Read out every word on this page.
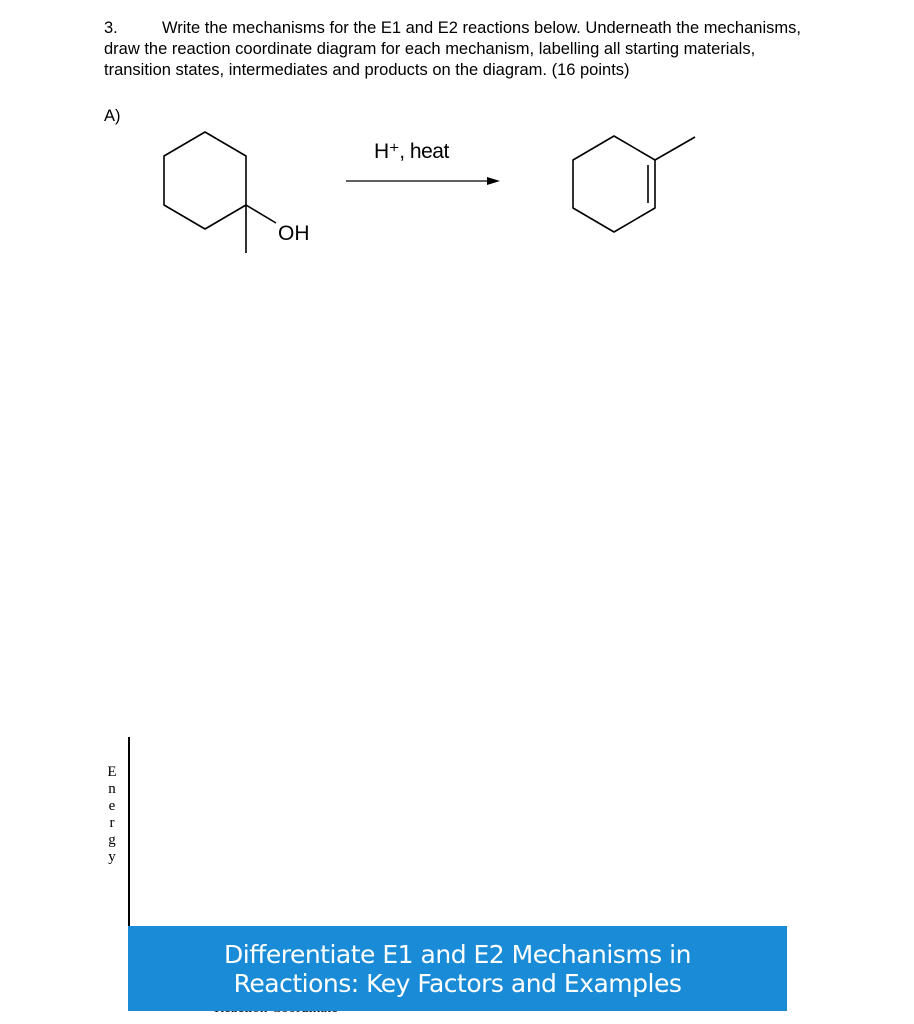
3.	Write the mechanisms for the E1 and E2 reactions below. Underneath the mechanisms, draw the reaction coordinate diagram for each mechanism, labelling all starting materials, transition states, intermediates and products on the diagram. (16 points)
A)
OH
H⁺, heat
E
n
e
r
g
y
Differentiate E1 and E2 Mechanisms in Reactions: Key Factors and Examples
